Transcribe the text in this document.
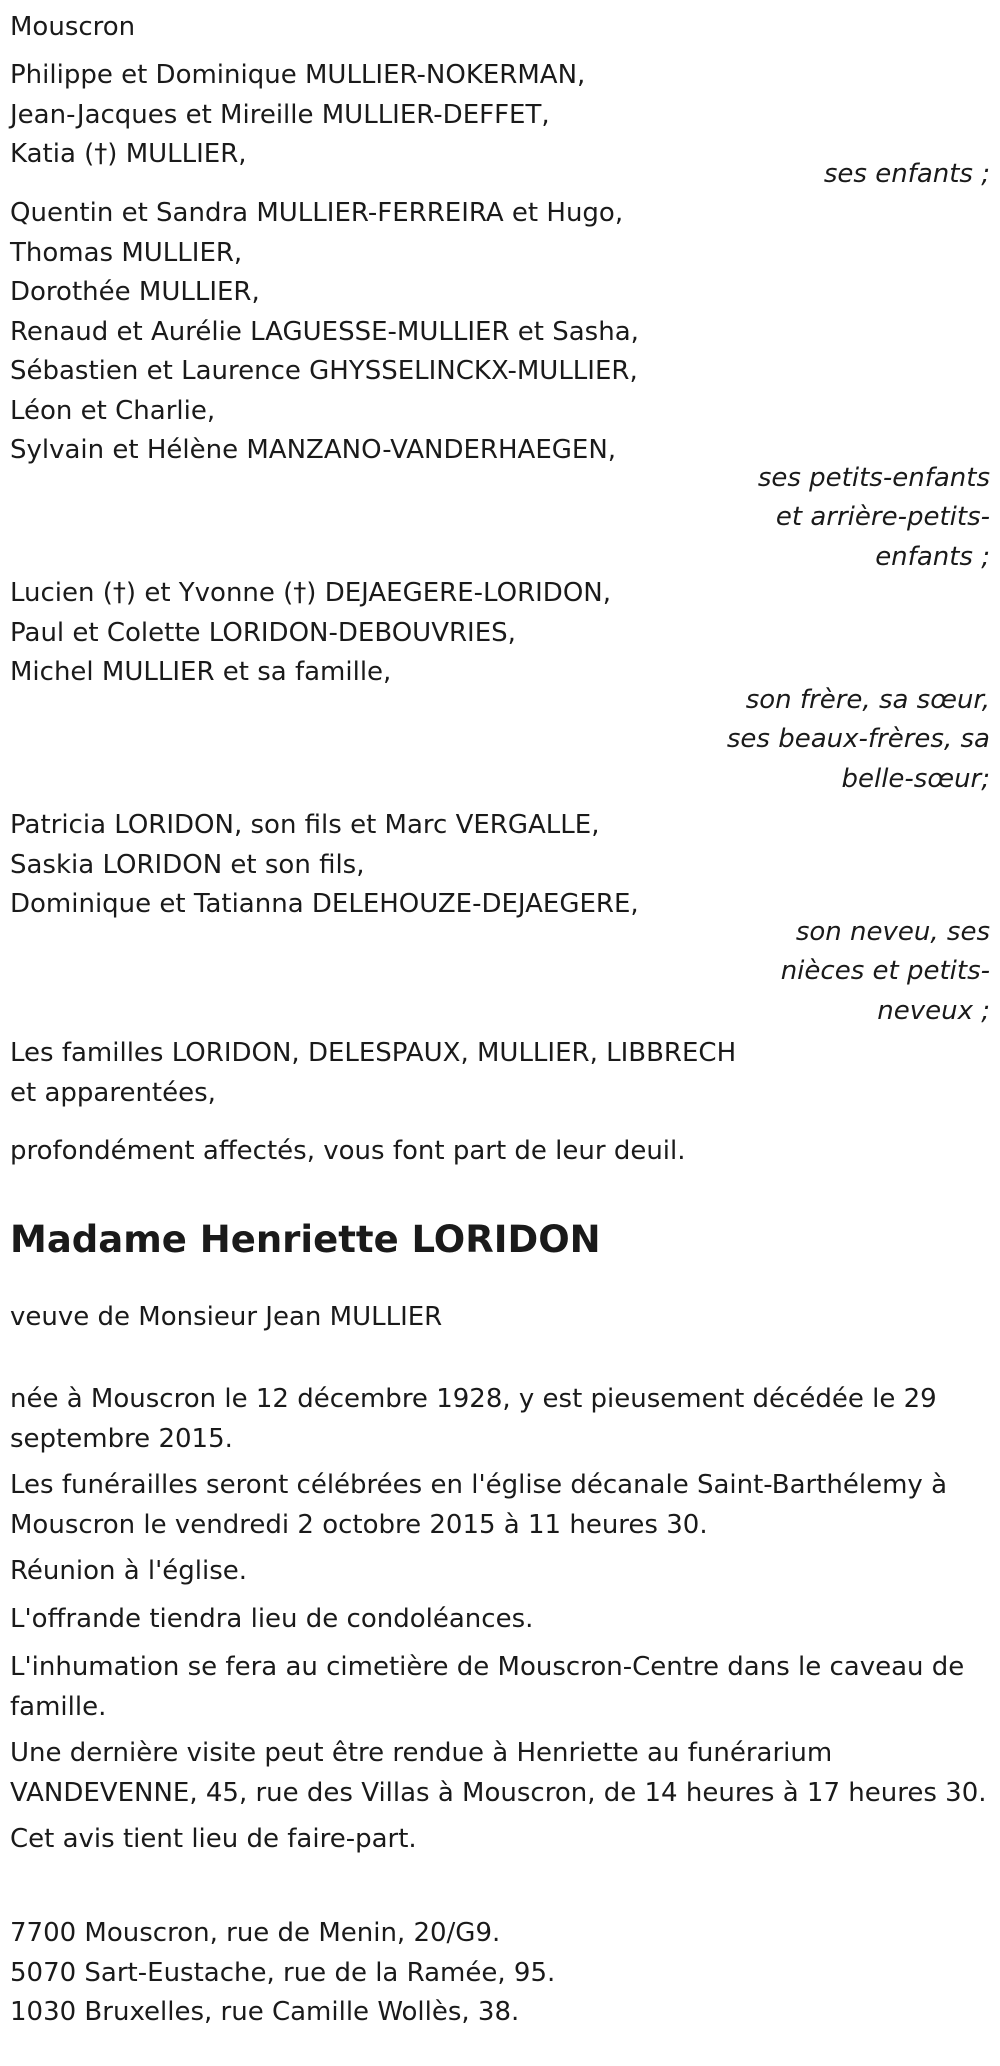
Mouscron

Philippe et Dominique MULLIER-NOKERMAN,
Jean-Jacques et Mireille MULLIER-DEFFET,
Katia (†) MULLIER,

ses enfants ;

Quentin et Sandra MULLIER-FERREIRA et Hugo,
Thomas MULLIER,
Dorothée MULLIER,
Renaud et Aurélie LAGUESSE-MULLIER et Sasha,
Sébastien et Laurence GHYSSELINCKX-MULLIER,
Léon et Charlie,
Sylvain et Hélène MANZANO-VANDERHAEGEN,

ses petits-enfants
et arrière-petits-
enfants ;

Lucien (†) et Yvonne (†) DEJAEGERE-LORIDON,
Paul et Colette LORIDON-DEBOUVRIES,
Michel MULLIER et sa famille,

son frère, sa sœur,
ses beaux-frères, sa
belle-sœur;

Patricia LORIDON, son fils et Marc VERGALLE,
Saskia LORIDON et son fils,
Dominique et Tatianna DELEHOUZE-DEJAEGERE,

son neveu, ses
nièces et petits-
neveux ;

Les familles LORIDON, DELESPAUX, MULLIER, LIBBRECH
et apparentées,

profondément affectés, vous font part de leur deuil.

Madame Henriette LORIDON

veuve de Monsieur Jean MULLIER

née à Mouscron le 12 décembre 1928, y est pieusement décédée le 29
septembre 2015.

Les funérailles seront célébrées en l'église décanale Saint-Barthélemy à
Mouscron le vendredi 2 octobre 2015 à 11 heures 30.

Réunion à l'église.

L'offrande tiendra lieu de condoléances.

L'inhumation se fera au cimetière de Mouscron-Centre dans le caveau de
famille.

Une dernière visite peut être rendue à Henriette au funérarium
VANDEVENNE, 45, rue des Villas à Mouscron, de 14 heures à 17 heures 30.

Cet avis tient lieu de faire-part.

7700 Mouscron, rue de Menin, 20/G9.
5070 Sart-Eustache, rue de la Ramée, 95.
1030 Bruxelles, rue Camille Wollès, 38.
